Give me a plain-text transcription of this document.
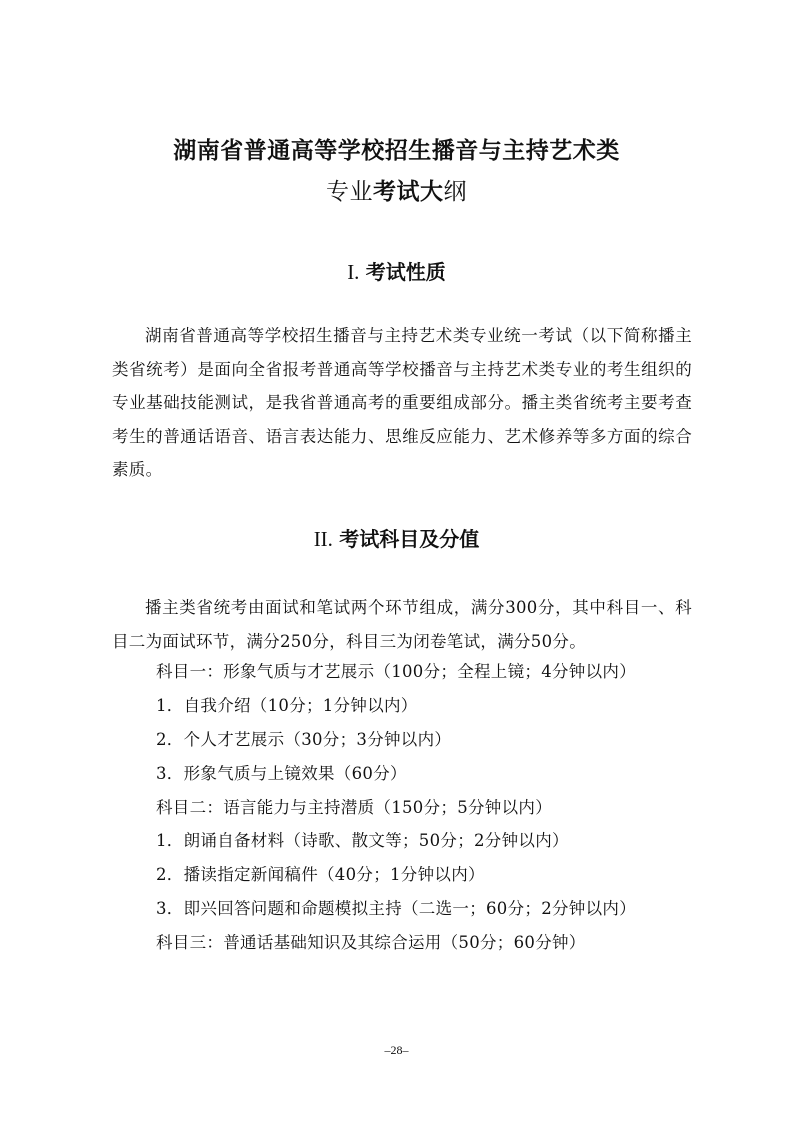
湖南省普通高等学校招生播音与主持艺术类
专业考试大纲
I. 考试性质
湖南省普通高等学校招生播音与主持艺术类专业统一考试（以下简称播主类省统考）是面向全省报考普通高等学校播音与主持艺术类专业的考生组织的专业基础技能测试，是我省普通高考的重要组成部分。播主类省统考主要考查考生的普通话语音、语言表达能力、思维反应能力、艺术修养等多方面的综合素质。
II. 考试科目及分值
播主类省统考由面试和笔试两个环节组成，满分300分，其中科目一、科目二为面试环节，满分250分，科目三为闭卷笔试，满分50分。
科目一：形象气质与才艺展示（100分；全程上镜；4分钟以内）
1．自我介绍（10分；1分钟以内）
2．个人才艺展示（30分；3分钟以内）
3．形象气质与上镜效果（60分）
科目二：语言能力与主持潜质（150分；5分钟以内）
1．朗诵自备材料（诗歌、散文等；50分；2分钟以内）
2．播读指定新闻稿件（40分；1分钟以内）
3．即兴回答问题和命题模拟主持（二选一；60分；2分钟以内）
科目三：普通话基础知识及其综合运用（50分；60分钟）
–28–
